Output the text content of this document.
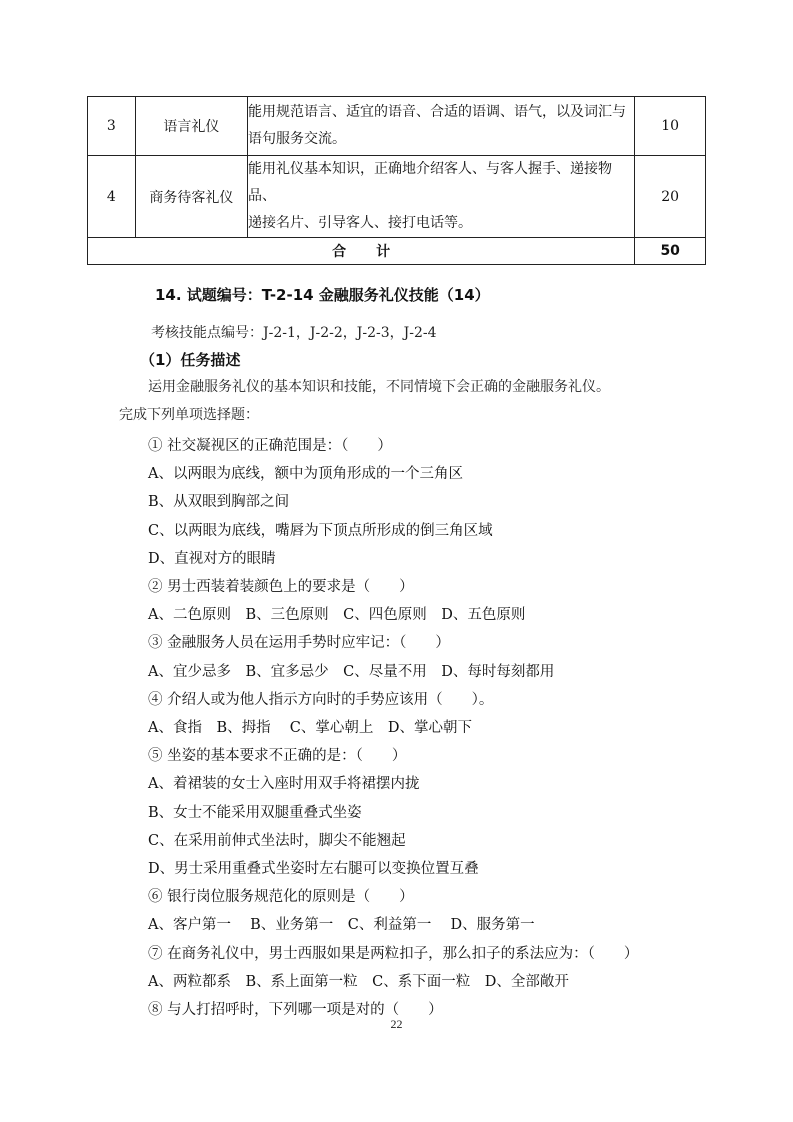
3	语言礼仪	能用规范语言、适宜的语音、合适的语调、语气，以及词汇与
语句服务交流。	10
4	商务待客礼仪	能用礼仪基本知识，正确地介绍客人、与客人握手、递接物品、
递接名片、引导客人、接打电话等。	20
合计			50
14. 试题编号：T-2-14 金融服务礼仪技能（14）
考核技能点编号：J-2-1，J-2-2，J-2-3，J-2-4
（1）任务描述
运用金融服务礼仪的基本知识和技能，不同情境下会正确的金融服务礼仪。
完成下列单项选择题：
① 社交凝视区的正确范围是：（　　）
A、以两眼为底线，额中为顶角形成的一个三角区
B、从双眼到胸部之间
C、以两眼为底线，嘴唇为下顶点所形成的倒三角区域
D、直视对方的眼睛
② 男士西装着装颜色上的要求是（　　）
A、二色原则　B、三色原则　C、四色原则　D、五色原则
③ 金融服务人员在运用手势时应牢记：（　　）
A、宜少忌多　B、宜多忌少　C、尽量不用　D、每时每刻都用
④ 介绍人或为他人指示方向时的手势应该用（　　）。
A、食指　B、拇指　 C、掌心朝上　D、掌心朝下
⑤ 坐姿的基本要求不正确的是：（　　）
A、着裙装的女士入座时用双手将裙摆内拢
B、女士不能采用双腿重叠式坐姿
C、在采用前伸式坐法时，脚尖不能翘起
D、男士采用重叠式坐姿时左右腿可以变换位置互叠
⑥ 银行岗位服务规范化的原则是（　　）
A、客户第一　 B、业务第一　C、利益第一　 D、服务第一
⑦ 在商务礼仪中，男士西服如果是两粒扣子，那么扣子的系法应为：（　　）
A、两粒都系　B、系上面第一粒　C、系下面一粒　D、全部敞开
⑧ 与人打招呼时，下列哪一项是对的（　　）
22
